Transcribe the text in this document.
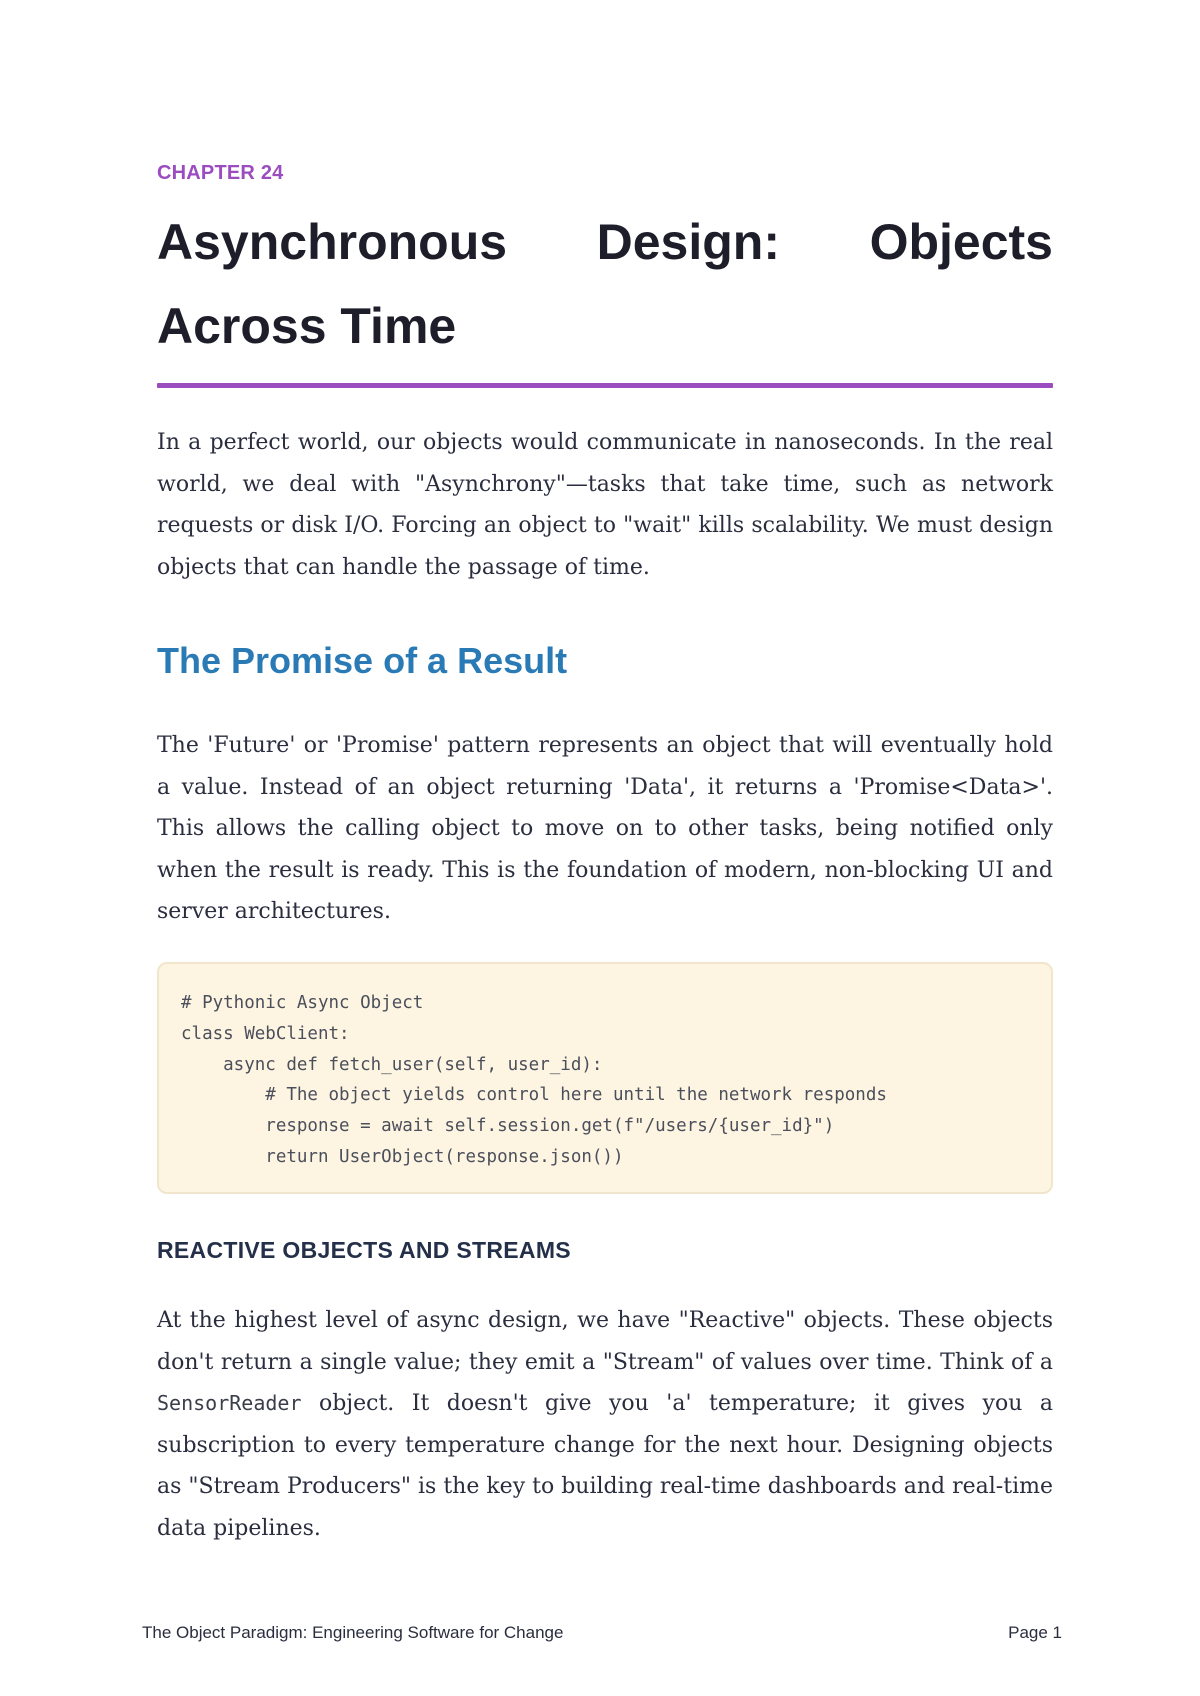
CHAPTER 24
Asynchronous Design: Objects Across Time

In a perfect world, our objects would communicate in nanoseconds. In the real world, we deal with "Asynchrony"—tasks that take time, such as network requests or disk I/O. Forcing an object to "wait" kills scalability. We must design objects that can handle the passage of time.

The Promise of a Result

The 'Future' or 'Promise' pattern represents an object that will eventually hold a value. Instead of an object returning 'Data', it returns a 'Promise<Data>'. This allows the calling object to move on to other tasks, being notified only when the result is ready. This is the foundation of modern, non-blocking UI and server architectures.

# Pythonic Async Object
class WebClient:
async def fetch_user(self, user_id):
# The object yields control here until the network responds
response = await self.session.get(f"/users/{user_id}")
return UserObject(response.json())
REACTIVE OBJECTS AND STREAMS

At the highest level of async design, we have "Reactive" objects. These objects don't return a single value; they emit a "Stream" of values over time. Think of a SensorReader object. It doesn't give you 'a' temperature; it gives you a subscription to every temperature change for the next hour. Designing objects as "Stream Producers" is the key to building real-time dashboards and real-time data pipelines.

The Object Paradigm: Engineering Software for Change	Page 1
